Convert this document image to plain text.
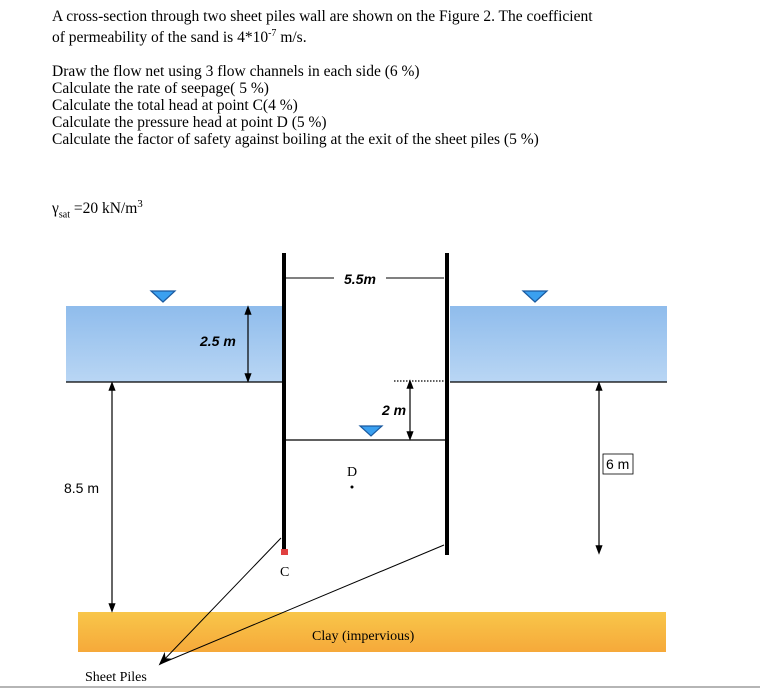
A cross-section through two sheet piles wall are shown on the Figure 2. The coefficient

of permeability of the sand is $4*10^{-7}$ m/s.

Draw the flow net using 3 flow channels in each side (6 %)

Calculate the rate of seepage( 5 %)

Calculate the total head at point C(4 %)

Calculate the pressure head at point D (5 %)

Calculate the factor of safety against boiling at the exit of the sheet piles (5 %)

$\gamma_{sat} =20$ $kN/m^3$
5.5m
2.5 m
2 m
8.5 m
6 m
C
D
Clay (impervious)
Sheet Piles
